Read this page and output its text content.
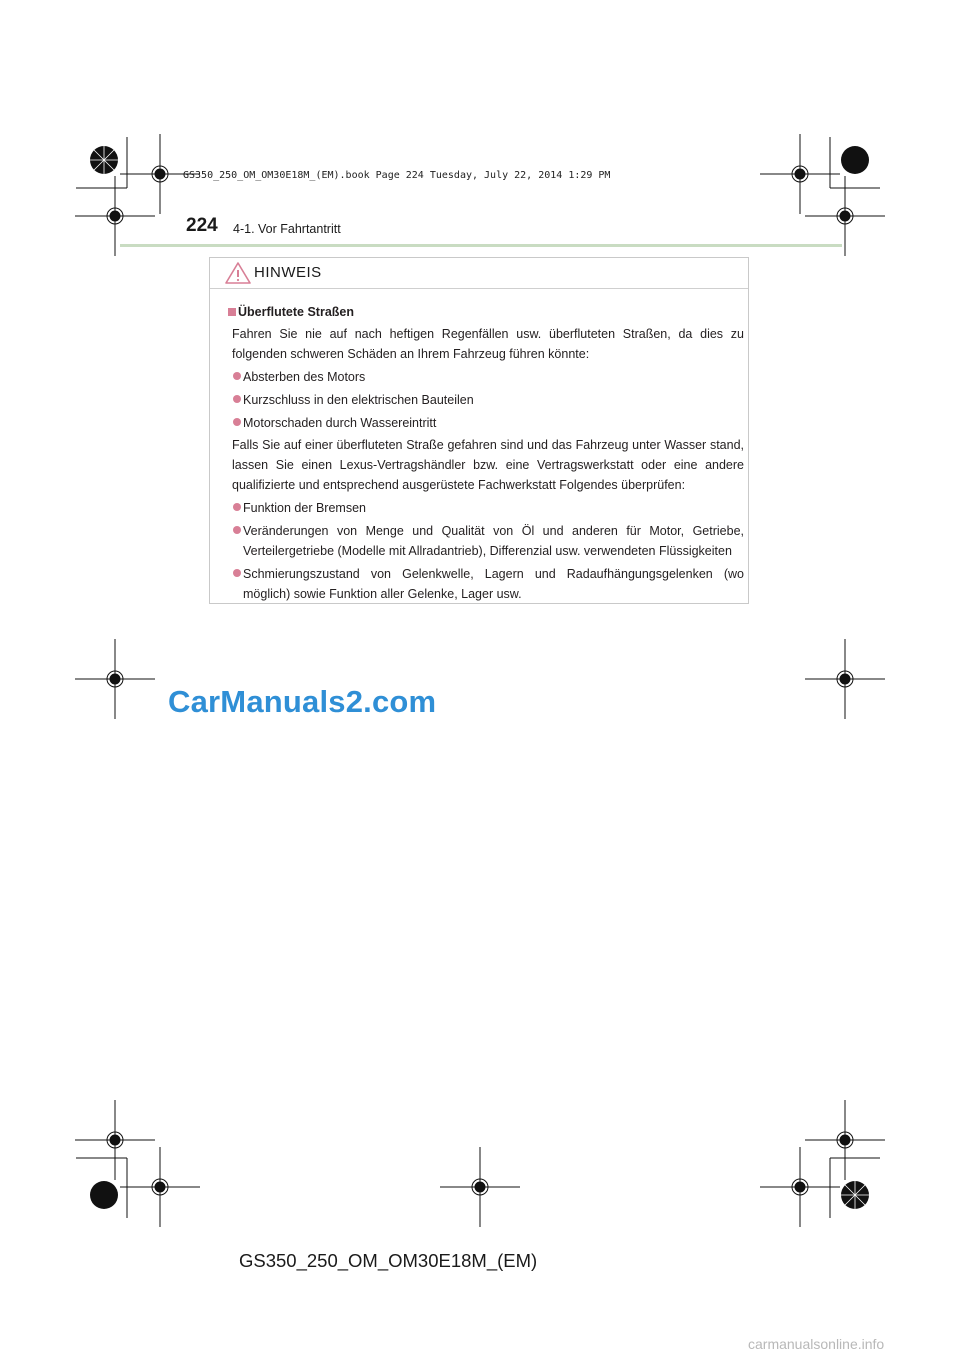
GS350_250_OM_OM30E18M_(EM).book Page 224 Tuesday, July 22, 2014 1:29 PM
224 4-1. Vor Fahrtantritt
HINWEIS
Überflutete Straßen
Fahren Sie nie auf nach heftigen Regenfällen usw. überfluteten Straßen, da dies zu folgenden schweren Schäden an Ihrem Fahrzeug führen könnte:
Absterben des Motors
Kurzschluss in den elektrischen Bauteilen
Motorschaden durch Wassereintritt
Falls Sie auf einer überfluteten Straße gefahren sind und das Fahrzeug unter Wasser stand, lassen Sie einen Lexus-Vertragshändler bzw. eine Vertragswerkstatt oder eine andere qualifizierte und entsprechend ausgerüstete Fachwerkstatt Folgendes überprüfen:
Funktion der Bremsen
Veränderungen von Menge und Qualität von Öl und anderen für Motor, Getriebe, Verteilergetriebe (Modelle mit Allradantrieb), Differenzial usw. verwendeten Flüssigkeiten
Schmierungszustand von Gelenkwelle, Lagern und Radaufhängungsgelenken (wo möglich) sowie Funktion aller Gelenke, Lager usw.
CarManuals2.com
GS350_250_OM_OM30E18M_(EM)
carmanualsonline.info
